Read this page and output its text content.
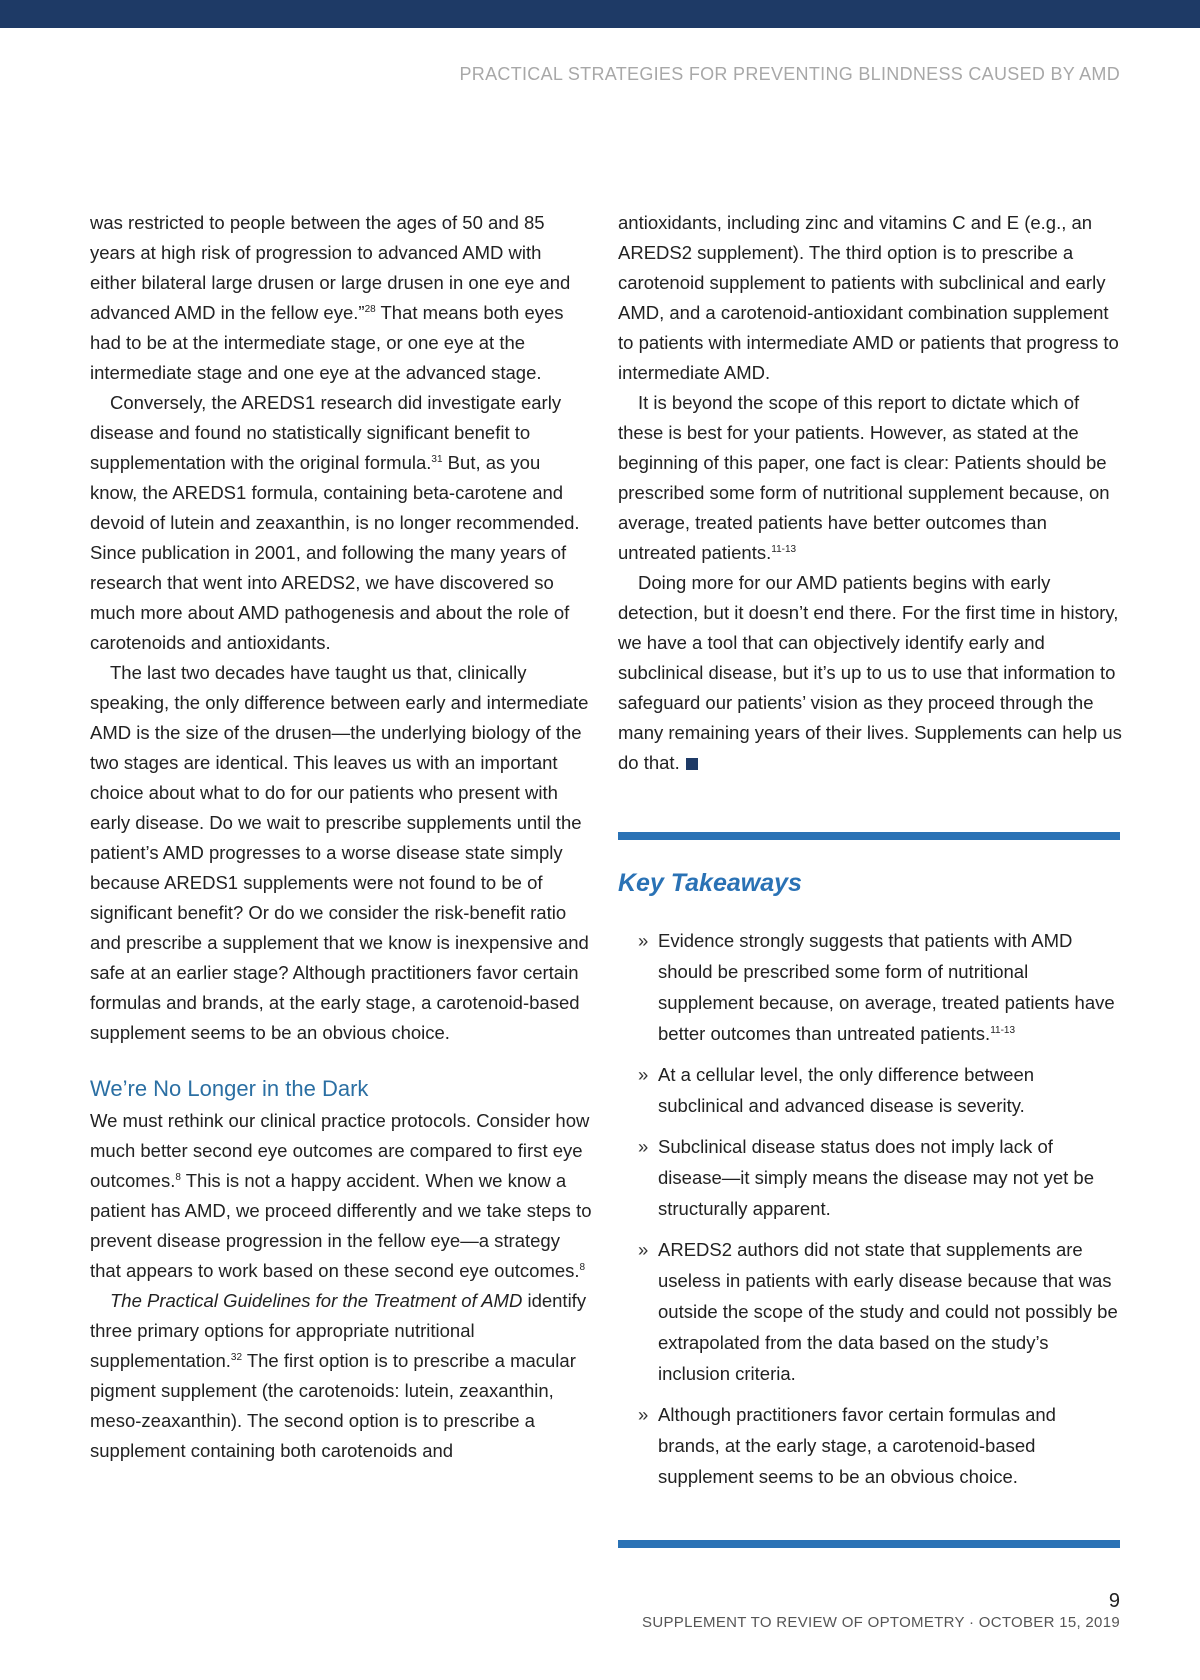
PRACTICAL STRATEGIES FOR PREVENTING BLINDNESS CAUSED BY AMD

was restricted to people between the ages of 50 and 85 years at high risk of progression to advanced AMD with either bilateral large drusen or large drusen in one eye and advanced AMD in the fellow eye.”$^{28}$ That means both eyes had to be at the intermediate stage, or one eye at the intermediate stage and one eye at the advanced stage.

Conversely, the AREDS1 research did investigate early disease and found no statistically significant benefit to supplementation with the original formula.$^{31}$ But, as you know, the AREDS1 formula, containing beta-carotene and devoid of lutein and zeaxanthin, is no longer recommended. Since publication in 2001, and following the many years of research that went into AREDS2, we have discovered so much more about AMD pathogenesis and about the role of carotenoids and antioxidants.

The last two decades have taught us that, clinically speaking, the only difference between early and intermediate AMD is the size of the drusen—the underlying biology of the two stages are identical. This leaves us with an important choice about what to do for our patients who present with early disease. Do we wait to prescribe supplements until the patient’s AMD progresses to a worse disease state simply because AREDS1 supplements were not found to be of significant benefit? Or do we consider the risk-benefit ratio and prescribe a supplement that we know is inexpensive and safe at an earlier stage? Although practitioners favor certain formulas and brands, at the early stage, a carotenoid-based supplement seems to be an obvious choice.

We’re No Longer in the Dark

We must rethink our clinical practice protocols. Consider how much better second eye outcomes are compared to first eye outcomes.$^8$ This is not a happy accident. When we know a patient has AMD, we proceed differently and we take steps to prevent disease progression in the fellow eye—a strategy that appears to work based on these second eye outcomes.$^8$

The Practical Guidelines for the Treatment of AMD identify three primary options for appropriate nutritional supplementation.$^{32}$ The first option is to prescribe a macular pigment supplement (the carotenoids: lutein, zeaxanthin, meso-zeaxanthin). The second option is to prescribe a supplement containing both carotenoids and

antioxidants, including zinc and vitamins C and E (e.g., an AREDS2 supplement). The third option is to prescribe a carotenoid supplement to patients with subclinical and early AMD, and a carotenoid-antioxidant combination supplement to patients with intermediate AMD or patients that progress to intermediate AMD.

It is beyond the scope of this report to dictate which of these is best for your patients. However, as stated at the beginning of this paper, one fact is clear: Patients should be prescribed some form of nutritional supplement because, on average, treated patients have better outcomes than untreated patients.$^{11-13}$

Doing more for our AMD patients begins with early detection, but it doesn’t end there. For the first time in history, we have a tool that can objectively identify early and subclinical disease, but it’s up to us to use that information to safeguard our patients’ vision as they proceed through the many remaining years of their lives. Supplements can help us do that.

Key Takeaways
» Evidence strongly suggests that patients with AMD should be prescribed some form of nutritional supplement because, on average, treated patients have better outcomes than untreated patients.$^{11-13}$
» At a cellular level, the only difference between subclinical and advanced disease is severity.
» Subclinical disease status does not imply lack of disease—it simply means the disease may not yet be structurally apparent.
» AREDS2 authors did not state that supplements are useless in patients with early disease because that was outside the scope of the study and could not possibly be extrapolated from the data based on the study’s inclusion criteria.
» Although practitioners favor certain formulas and brands, at the early stage, a carotenoid-based supplement seems to be an obvious choice.
9
SUPPLEMENT TO REVIEW OF OPTOMETRY · OCTOBER 15, 2019
